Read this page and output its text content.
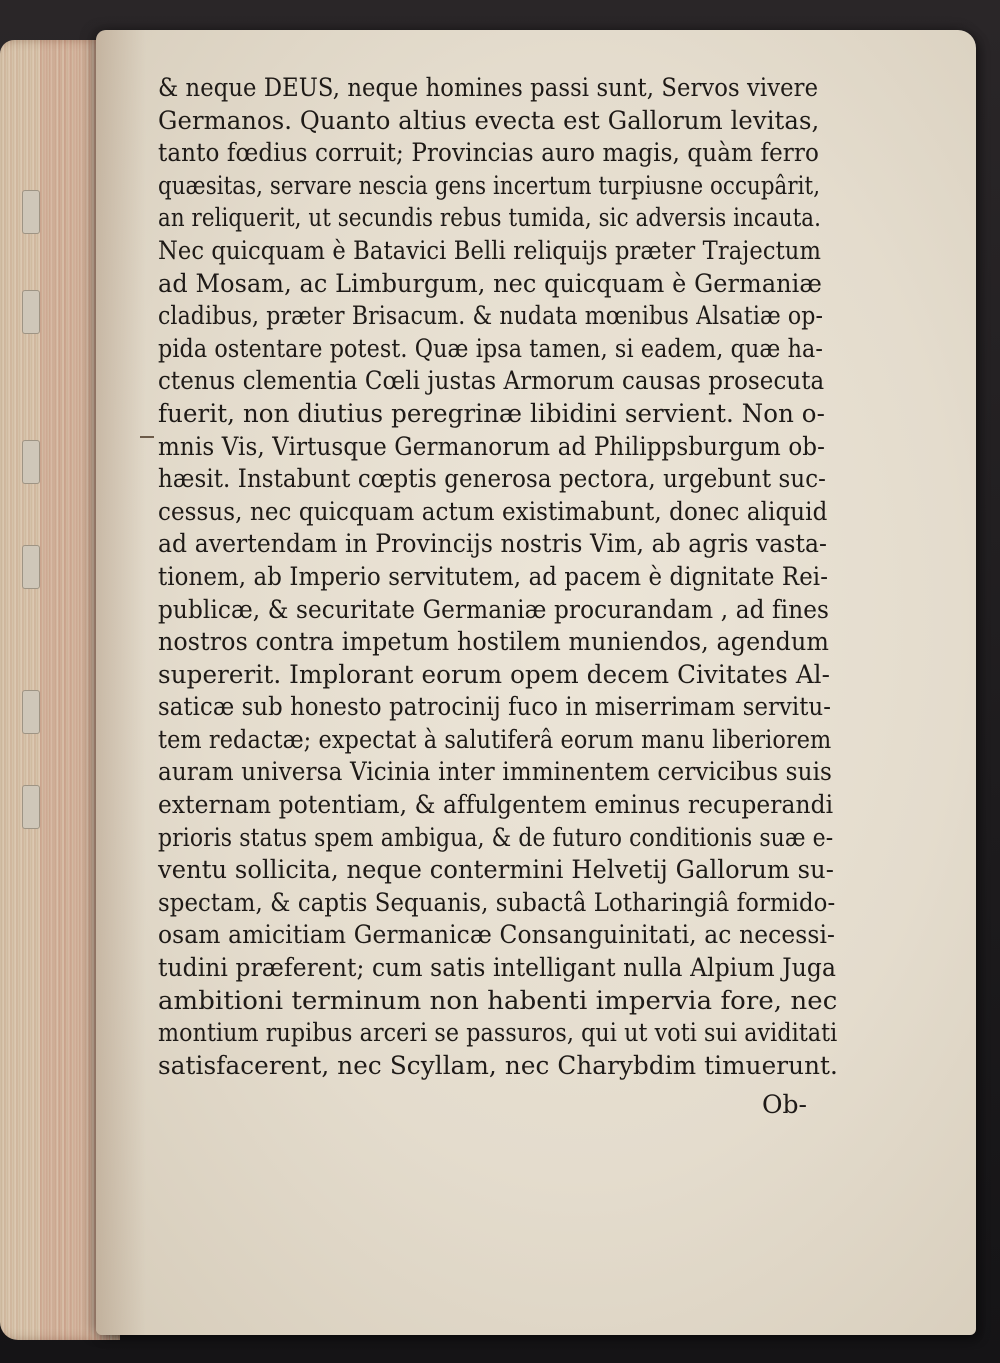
& neque DEUS, neque homines passi sunt, Servos vivere
Germanos. Quanto altius evecta est Gallorum levitas,
tanto fœdius corruit; Provincias auro magis, quàm ferro
quæsitas, servare nescia gens incertum turpiusne occupârit,
an reliquerit, ut secundis rebus tumida, sic adversis incauta.
Nec quicquam è Batavici Belli reliquijs præter Trajectum
ad Mosam, ac Limburgum, nec quicquam è Germaniæ
cladibus, præter Brisacum. & nudata mœnibus Alsatiæ op-
pida ostentare potest. Quæ ipsa tamen, si eadem, quæ ha-
ctenus clementia Cœli justas Armorum causas prosecuta
fuerit, non diutius peregrinæ libidini servient. Non o-
mnis Vis, Virtusque Germanorum ad Philippsburgum ob-
hæsit. Instabunt cœptis generosa pectora, urgebunt suc-
cessus, nec quicquam actum existimabunt, donec aliquid
ad avertendam in Provincijs nostris Vim, ab agris vasta-
tionem, ab Imperio servitutem, ad pacem è dignitate Rei-
publicæ, & securitate Germaniæ procurandam , ad fines
nostros contra impetum hostilem muniendos, agendum
supererit. Implorant eorum opem decem Civitates Al-
saticæ sub honesto patrocinij fuco in miserrimam servitu-
tem redactæ; expectat à salutiferâ eorum manu liberiorem
auram universa Vicinia inter imminentem cervicibus suis
externam potentiam, & affulgentem eminus recuperandi
prioris status spem ambigua, & de futuro conditionis suæ e-
ventu sollicita, neque contermini Helvetij Gallorum su-
spectam, & captis Sequanis, subactâ Lotharingiâ formido-
osam amicitiam Germanicæ Consanguinitati, ac necessi-
tudini præferent; cum satis intelligant nulla Alpium Juga
ambitioni terminum non habenti impervia fore, nec
montium rupibus arceri se passuros, qui ut voti sui aviditati
satisfacerent, nec Scyllam, nec Charybdim timuerunt.
Ob-
